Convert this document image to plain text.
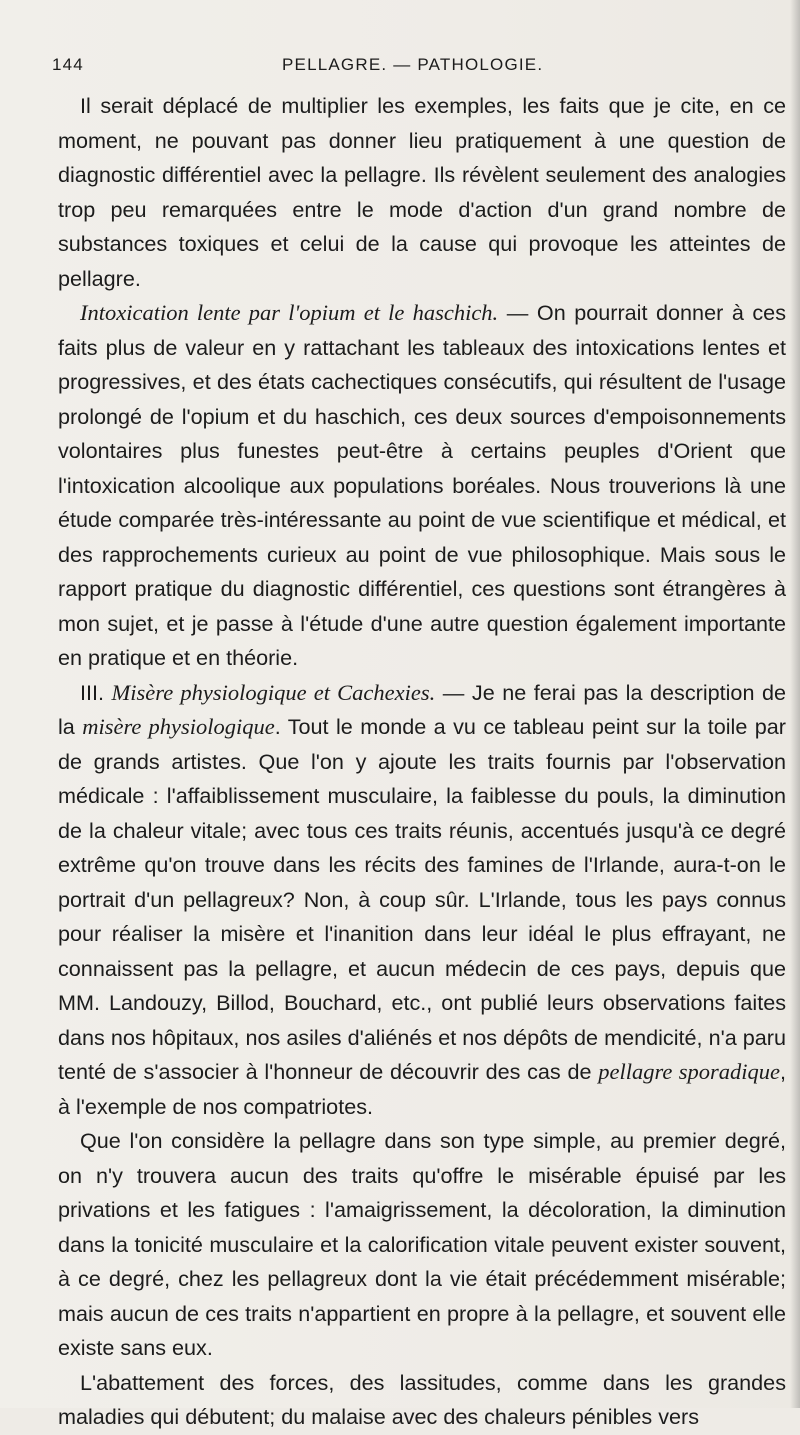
144	PELLAGRE. — PATHOLOGIE.

Il serait déplacé de multiplier les exemples, les faits que je cite, en ce moment, ne pouvant pas donner lieu pratiquement à une question de diagnostic différentiel avec la pellagre. Ils révèlent seulement des analogies trop peu remarquées entre le mode d'action d'un grand nombre de substances toxiques et celui de la cause qui provoque les atteintes de pellagre.

Intoxication lente par l'opium et le haschich. — On pourrait donner à ces faits plus de valeur en y rattachant les tableaux des intoxications lentes et progressives, et des états cachectiques consécutifs, qui résultent de l'usage prolongé de l'opium et du haschich, ces deux sources d'empoisonnements volontaires plus funestes peut-être à certains peuples d'Orient que l'intoxication alcoolique aux populations boréales. Nous trouverions là une étude comparée très-intéressante au point de vue scientifique et médical, et des rapprochements curieux au point de vue philosophique. Mais sous le rapport pratique du diagnostic différentiel, ces questions sont étrangères à mon sujet, et je passe à l'étude d'une autre question également importante en pratique et en théorie.

III. Misère physiologique et Cachexies. — Je ne ferai pas la description de la misère physiologique. Tout le monde a vu ce tableau peint sur la toile par de grands artistes. Que l'on y ajoute les traits fournis par l'observation médicale : l'affaiblissement musculaire, la faiblesse du pouls, la diminution de la chaleur vitale; avec tous ces traits réunis, accentués jusqu'à ce degré extrême qu'on trouve dans les récits des famines de l'Irlande, aura-t-on le portrait d'un pellagreux? Non, à coup sûr. L'Irlande, tous les pays connus pour réaliser la misère et l'inanition dans leur idéal le plus effrayant, ne connaissent pas la pellagre, et aucun médecin de ces pays, depuis que MM. Landouzy, Billod, Bouchard, etc., ont publié leurs observations faites dans nos hôpitaux, nos asiles d'aliénés et nos dépôts de mendicité, n'a paru tenté de s'associer à l'honneur de découvrir des cas de pellagre sporadique, à l'exemple de nos compatriotes.

Que l'on considère la pellagre dans son type simple, au premier degré, on n'y trouvera aucun des traits qu'offre le misérable épuisé par les privations et les fatigues : l'amaigrissement, la décoloration, la diminution dans la tonicité musculaire et la calorification vitale peuvent exister souvent, à ce degré, chez les pellagreux dont la vie était précédemment misérable; mais aucun de ces traits n'appartient en propre à la pellagre, et souvent elle existe sans eux.

L'abattement des forces, des lassitudes, comme dans les grandes maladies qui débutent; du malaise avec des chaleurs pénibles vers
